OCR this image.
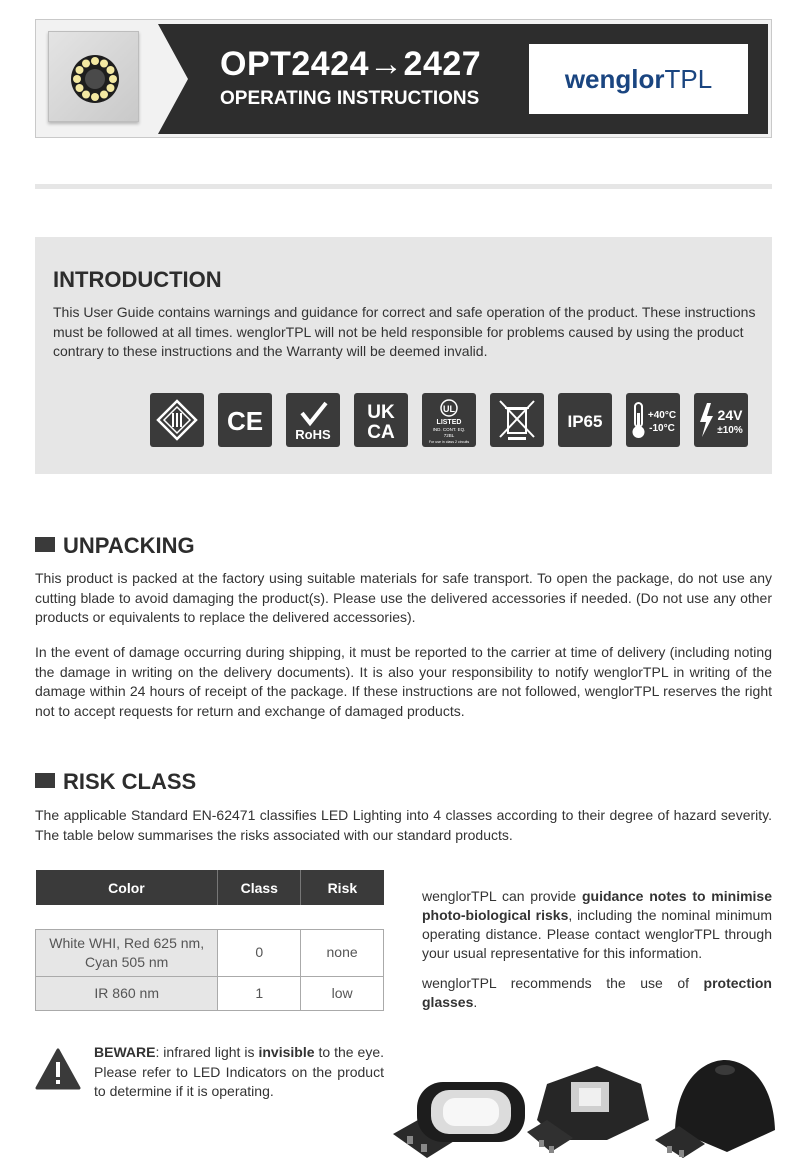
OPT2424→2427
OPERATING INSTRUCTIONS
wenglorTPL
INTRODUCTION

This User Guide contains warnings and guidance for correct and safe operation of the product. These instructions must be followed at all times. wenglorTPL will not be held responsible for problems caused by using the product contrary to these instructions and the Warranty will be deemed invalid.

CE RoHS
UK
CA
UL
LISTED
IND. CONT. EQ.
72BL
For use in class 2 circuits
IP65	+40°C
-10°C
24V
±10%
UNPACKING

This product is packed at the factory using suitable materials for safe transport. To open the package, do not use any cutting blade to avoid damaging the product(s). Please use the delivered accessories if needed. (Do not use any other products or equivalents to replace the delivered accessories).

In the event of damage occurring during shipping, it must be reported to the carrier at time of delivery (including noting the damage in writing on the delivery documents). It is also your responsibility to notify wenglorTPL in writing of the damage within 24 hours of receipt of the package. If these instructions are not followed, wenglorTPL reserves the right not to accept requests for return and exchange of damaged products.

RISK CLASS

The applicable Standard EN-62471 classifies LED Lighting into 4 classes according to their degree of hazard severity. The table below summarises the risks associated with our standard products.

Color	Class	Risk

White WHI, Red 625 nm, Cyan 505 nm	0	none
IR 860 nm	1	low

wenglorTPL can provide guidance notes to minimise photo-biological risks, including the nominal minimum operating distance. Please contact wenglorTPL through your usual representative for this information.

wenglorTPL recommends the use of protection glasses.

BEWARE: infrared light is invisible to the eye. Please refer to LED Indicators on the product to determine if it is operating.
